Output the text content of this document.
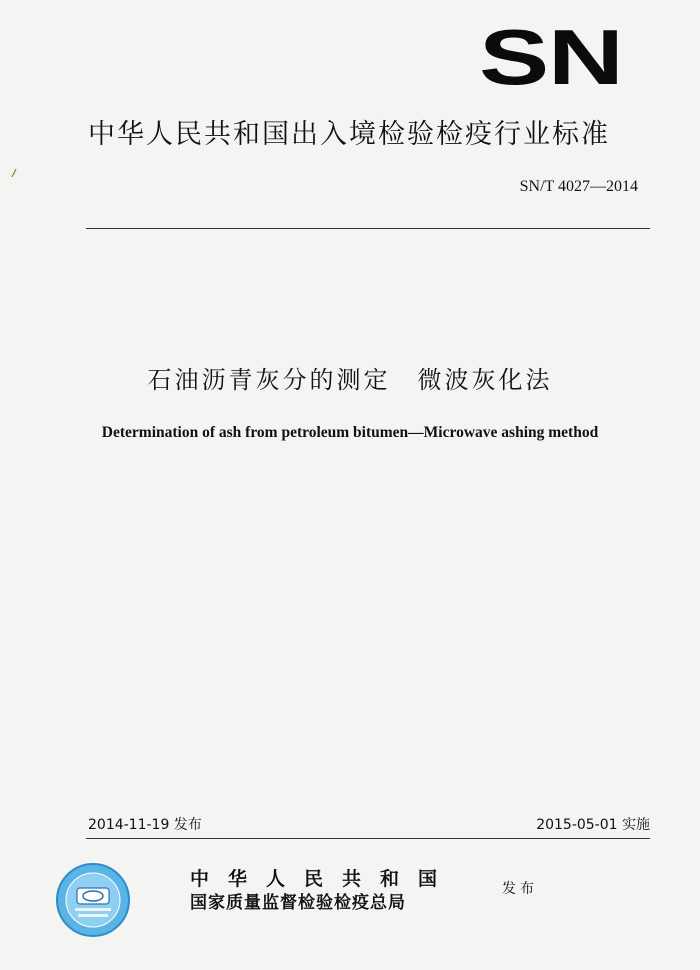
SN
中华人民共和国出入境检验检疫行业标准
SN/T 4027—2014
石油沥青灰分的测定　微波灰化法
Determination of ash from petroleum bitumen—Microwave ashing method
2014-11-19 发布	2015-05-01 实施
中华人民共和国
国家质量监督检验检疫总局
发布
